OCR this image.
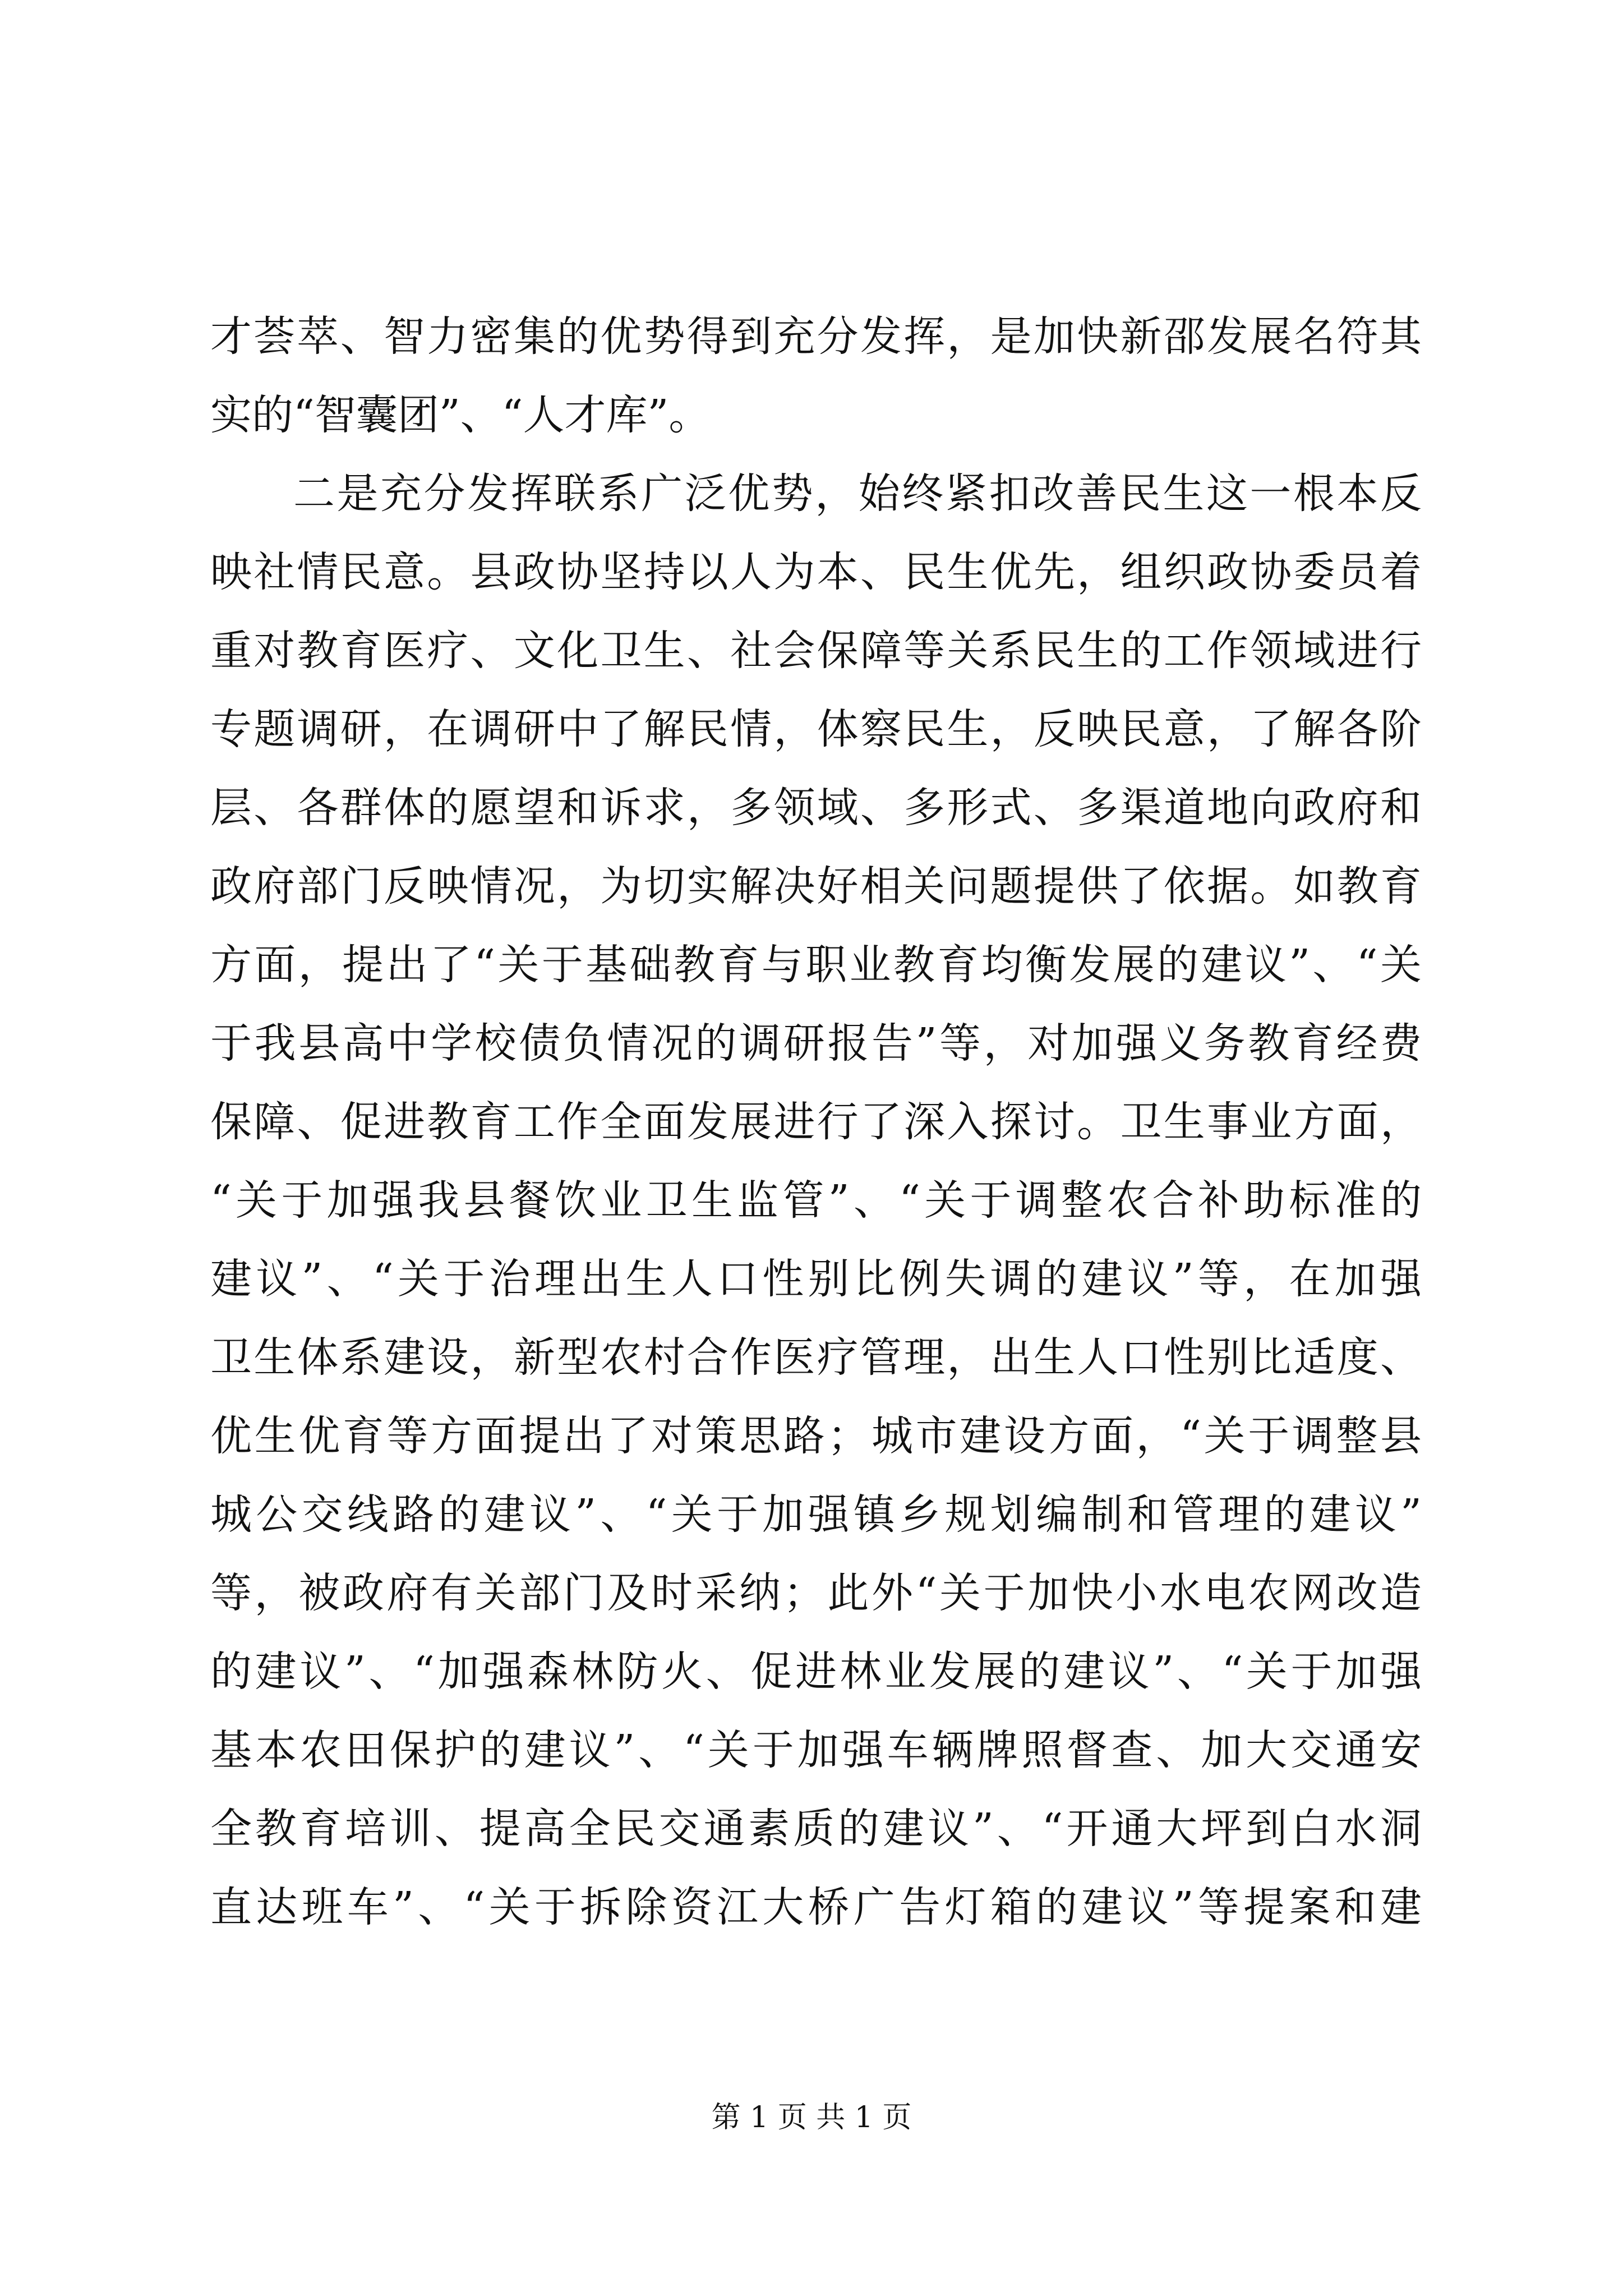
才荟萃、智力密集的优势得到充分发挥，是加快新邵发展名符其
实的“智囊团”、“人才库”。
二是充分发挥联系广泛优势，始终紧扣改善民生这一根本反
映社情民意。县政协坚持以人为本、民生优先，组织政协委员着
重对教育医疗、文化卫生、社会保障等关系民生的工作领域进行
专题调研，在调研中了解民情，体察民生，反映民意，了解各阶
层、各群体的愿望和诉求，多领域、多形式、多渠道地向政府和
政府部门反映情况，为切实解决好相关问题提供了依据。如教育
方面，提出了“关于基础教育与职业教育均衡发展的建议”、“关
于我县高中学校债负情况的调研报告”等，对加强义务教育经费
保障、促进教育工作全面发展进行了深入探讨。卫生事业方面，
“关于加强我县餐饮业卫生监管”、“关于调整农合补助标准的
建议”、“关于治理出生人口性别比例失调的建议”等，在加强
卫生体系建设，新型农村合作医疗管理，出生人口性别比适度、
优生优育等方面提出了对策思路；城市建设方面，“关于调整县
城公交线路的建议”、“关于加强镇乡规划编制和管理的建议”
等，被政府有关部门及时采纳；此外“关于加快小水电农网改造
的建议”、“加强森林防火、促进林业发展的建议”、“关于加强
基本农田保护的建议”、“关于加强车辆牌照督查、加大交通安
全教育培训、提高全民交通素质的建议”、“开通大坪到白水洞
直达班车”、“关于拆除资江大桥广告灯箱的建议”等提案和建
第 1 页 共 1 页
